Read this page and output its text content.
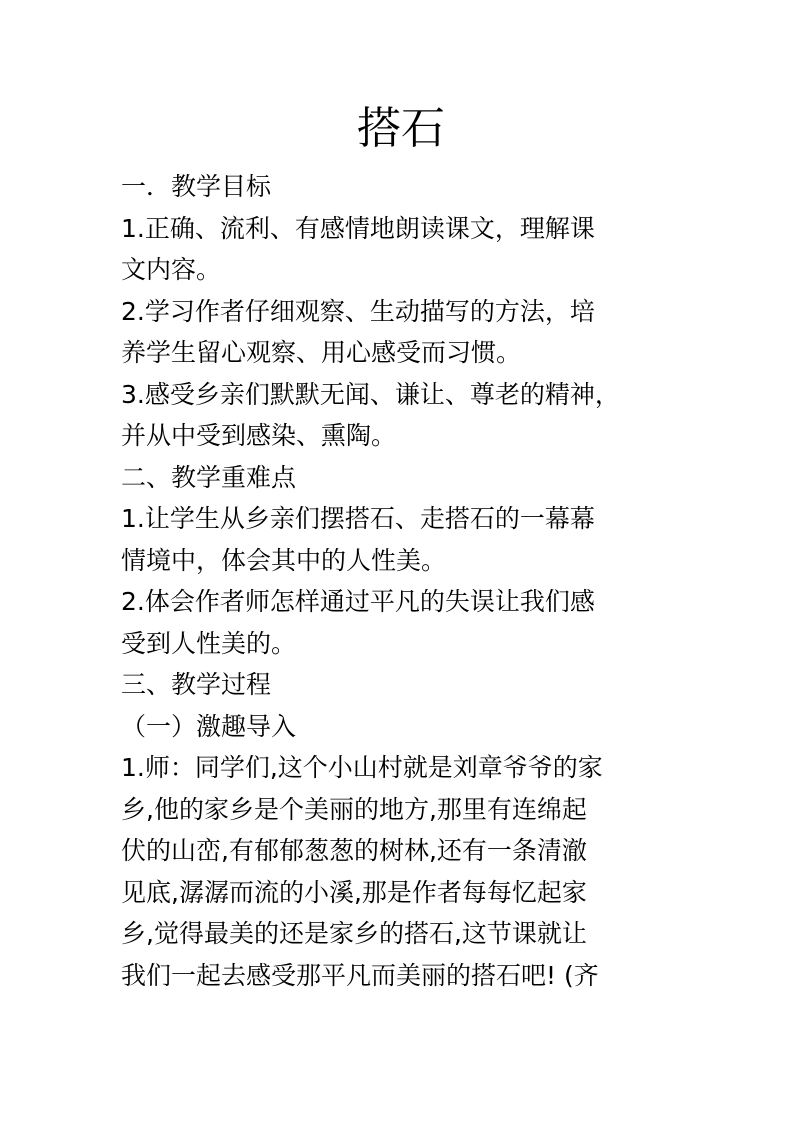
搭石

一．教学目标

1.正确、流利、有感情地朗读课文，理解课

文内容。

2.学习作者仔细观察、生动描写的方法，培

养学生留心观察、用心感受而习惯。

3.感受乡亲们默默无闻、谦让、尊老的精神，

并从中受到感染、熏陶。

二、教学重难点

1.让学生从乡亲们摆搭石、走搭石的一幕幕

情境中，体会其中的人性美。

2.体会作者师怎样通过平凡的失误让我们感

受到人性美的。

三、教学过程

（一）激趣导入

1.师：同学们,这个小山村就是刘章爷爷的家

乡,他的家乡是个美丽的地方,那里有连绵起

伏的山峦,有郁郁葱葱的树林,还有一条清澈

见底,潺潺而流的小溪,那是作者每每忆起家

乡,觉得最美的还是家乡的搭石,这节课就让

我们一起去感受那平凡而美丽的搭石吧! (齐
